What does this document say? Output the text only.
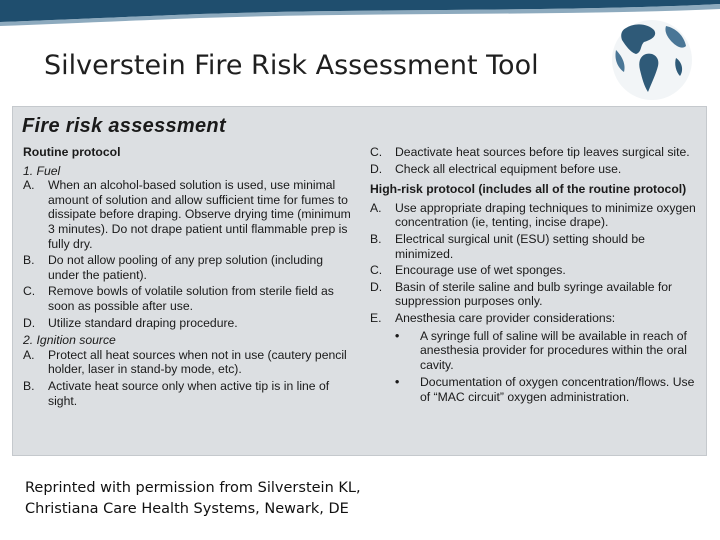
Silverstein Fire Risk Assessment Tool
Fire risk assessment
Routine protocol
1. Fuel
A.	When an alcohol-based solution is used, use minimal amount of solution and allow sufficient time for fumes to dissipate before draping. Observe drying time (minimum 3 minutes). Do not drape patient until flammable prep is fully dry.
B.	Do not allow pooling of any prep solution (including under the patient).
C.	Remove bowls of volatile solution from sterile field as soon as possible after use.
D.	Utilize standard draping procedure.
2. Ignition source
A.	Protect all heat sources when not in use (cautery pencil holder, laser in stand-by mode, etc).
B.	Activate heat source only when active tip is in line of sight.
C.	Deactivate heat sources before tip leaves surgical site.
D.	Check all electrical equipment before use.
High-risk protocol (includes all of the routine protocol)
A.	Use appropriate draping techniques to minimize oxygen concentration (ie, tenting, incise drape).
B.	Electrical surgical unit (ESU) setting should be minimized.
C.	Encourage use of wet sponges.
D.	Basin of sterile saline and bulb syringe available for suppression purposes only.
E.	Anesthesia care provider considerations:
•	A syringe full of saline will be available in reach of anesthesia provider for procedures within the oral cavity.
•	Documentation of oxygen concentration/flows. Use of “MAC circuit” oxygen administration.
Reprinted with permission from Silverstein KL,
Christiana Care Health Systems, Newark, DE
